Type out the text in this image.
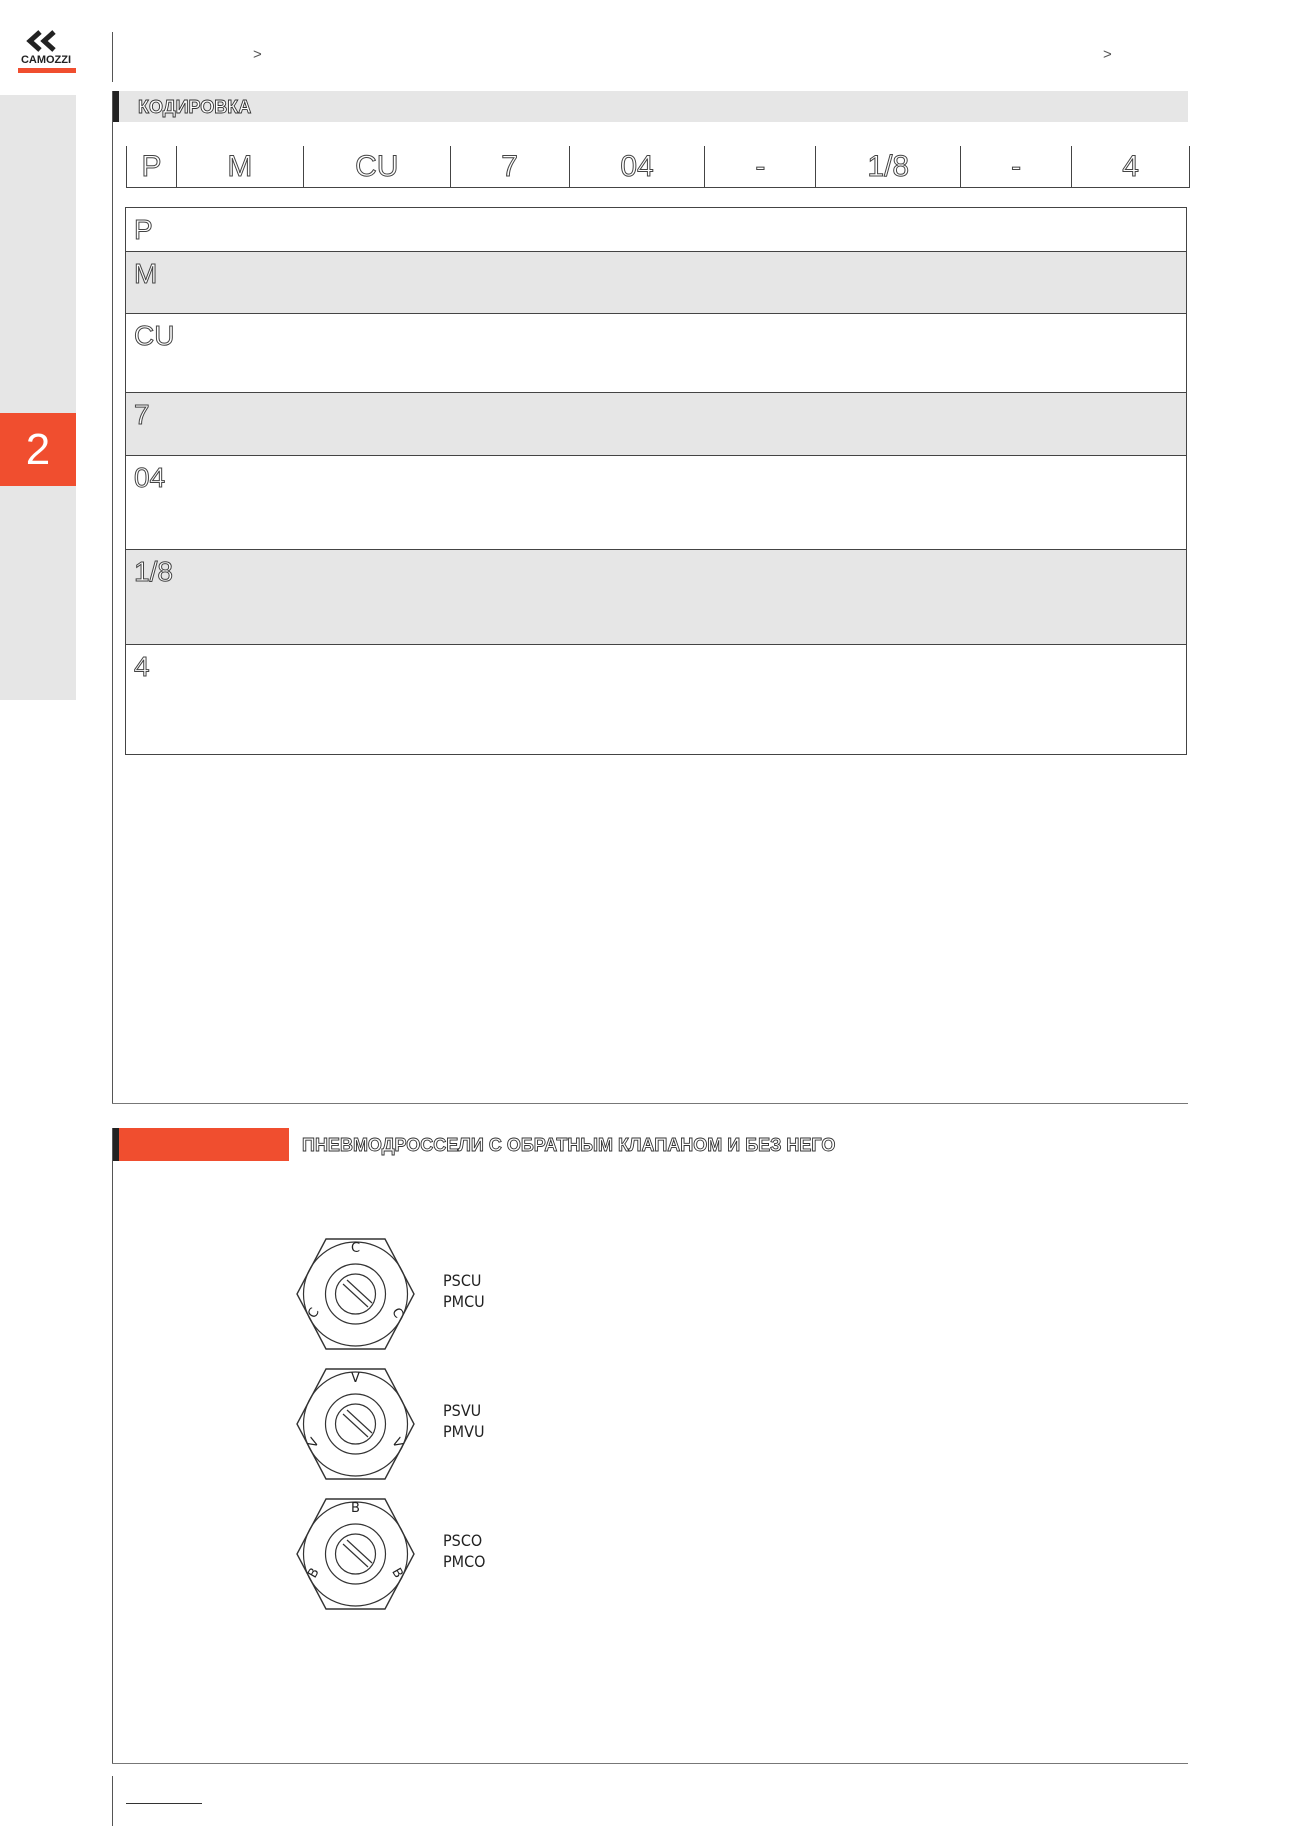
2
CAMOZZI	>	>
КОДИРОВКА
P	M	CU	7	04	-	1/8	-	4
P
M
CU
7
04
1/8
4
ПНЕВМОДРОССЕЛИ С ОБРАТНЫМ КЛАПАНОМ И БЕЗ НЕГО
C
C	C
PSCU
PMCU
V
V	V
PSVU
PMVU
B
B	B
PSCO
PMCO
